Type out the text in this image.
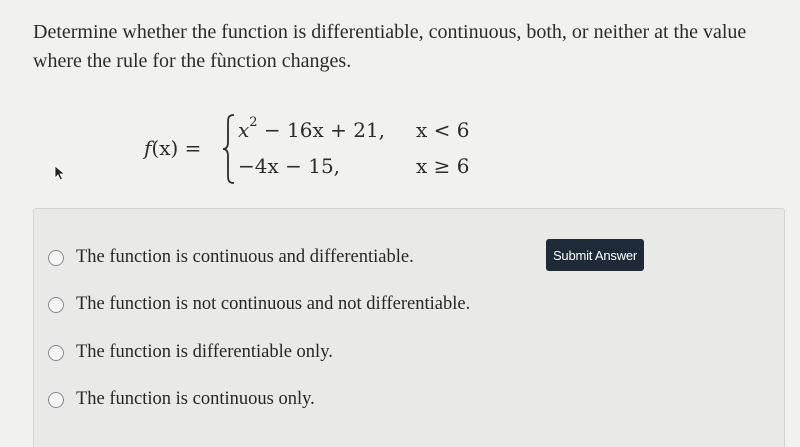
Determine whether the function is differentiable, continuous, both, or neither at the value where the rule for the fùnction changes.
f(x) =
$x^2 - 16x + 21$, x < 6
−4x − 15,	x ≥ 6
The function is continuous and differentiable.
The function is not continuous and not differentiable.
The function is differentiable only.
The function is continuous only.
Submit Answer
